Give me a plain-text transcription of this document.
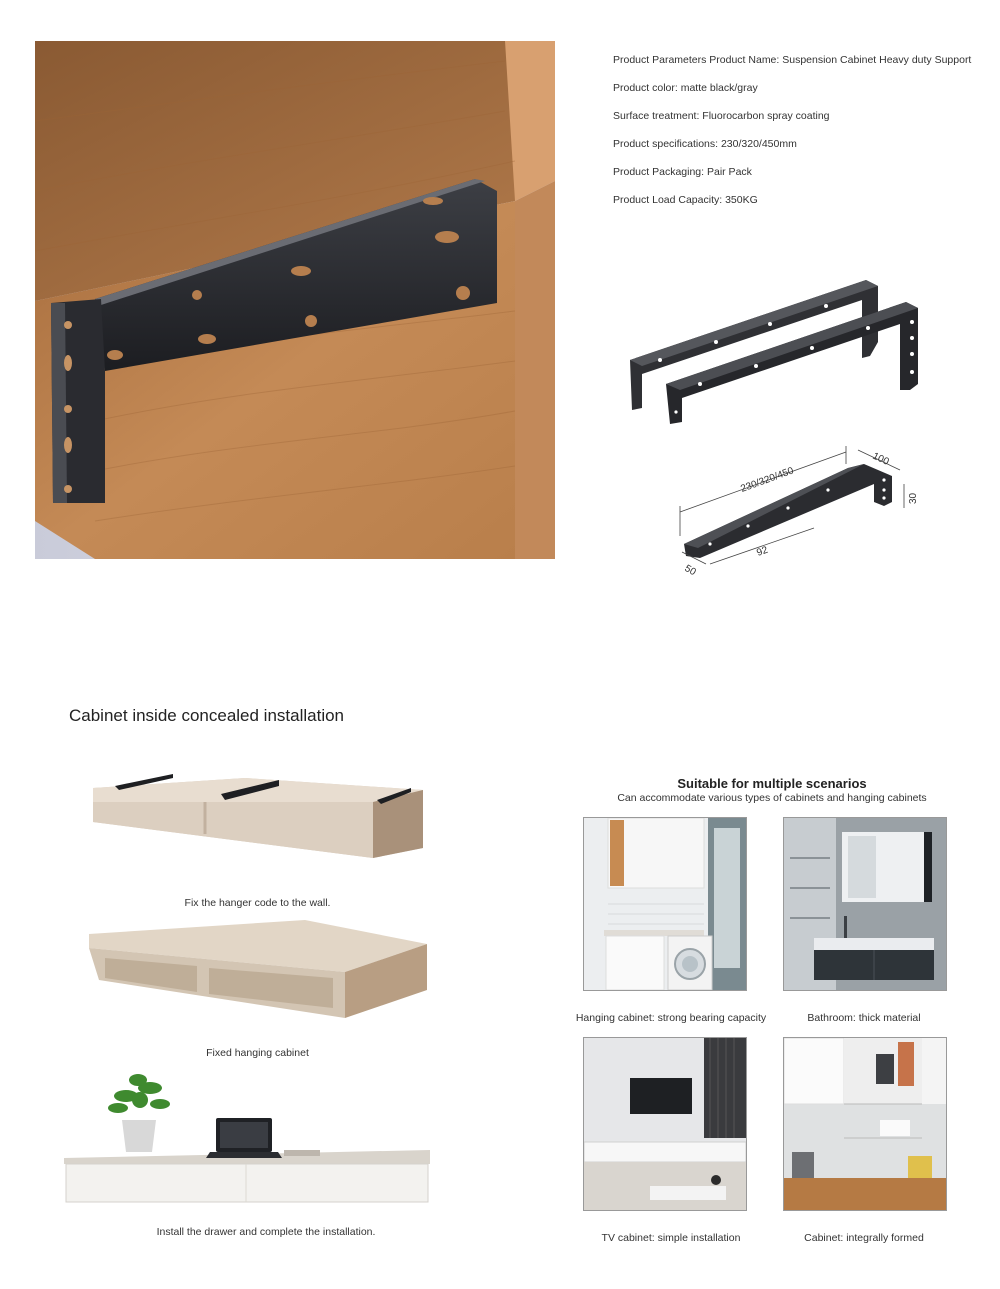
Product Parameters Product Name: Suspension Cabinet Heavy duty Support
Product color: matte black/gray
Surface treatment: Fluorocarbon spray coating
Product specifications: 230/320/450mm
Product Packaging: Pair Pack
Product Load Capacity: 350KG
230/320/450
100
30
50
92
Cabinet inside concealed installation
Fix the hanger code to the wall.
Fixed hanging cabinet
Install the drawer and complete the installation.
Suitable for multiple scenarios
Can accommodate various types of cabinets and hanging cabinets
Hanging cabinet: strong bearing capacity	Bathroom: thick material
TV cabinet: simple installation	Cabinet: integrally formed
